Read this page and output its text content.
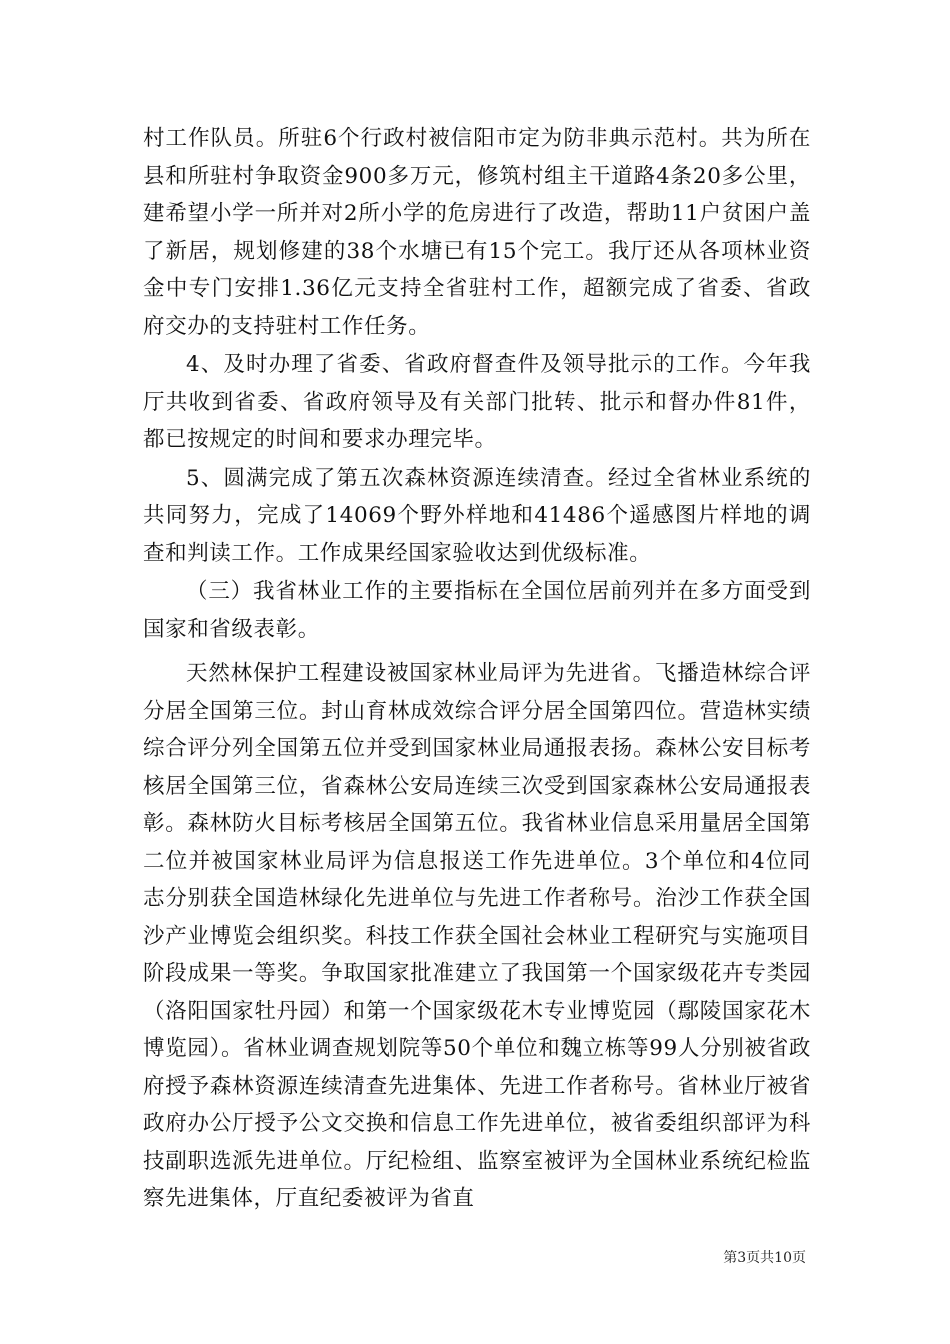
村工作队员。所驻6个行政村被信阳市定为防非典示范村。共为所在县和所驻村争取资金900多万元，修筑村组主干道路4条20多公里，建希望小学一所并对2所小学的危房进行了改造，帮助11户贫困户盖了新居，规划修建的38个水塘已有15个完工。我厅还从各项林业资金中专门安排1.36亿元支持全省驻村工作，超额完成了省委、省政府交办的支持驻村工作任务。

4、及时办理了省委、省政府督查件及领导批示的工作。今年我厅共收到省委、省政府领导及有关部门批转、批示和督办件81件，都已按规定的时间和要求办理完毕。

5、圆满完成了第五次森林资源连续清查。经过全省林业系统的共同努力，完成了14069个野外样地和41486个遥感图片样地的调查和判读工作。工作成果经国家验收达到优级标准。

（三）我省林业工作的主要指标在全国位居前列并在多方面受到国家和省级表彰。

天然林保护工程建设被国家林业局评为先进省。飞播造林综合评分居全国第三位。封山育林成效综合评分居全国第四位。营造林实绩综合评分列全国第五位并受到国家林业局通报表扬。森林公安目标考核居全国第三位，省森林公安局连续三次受到国家森林公安局通报表彰。森林防火目标考核居全国第五位。我省林业信息采用量居全国第二位并被国家林业局评为信息报送工作先进单位。3个单位和4位同志分别获全国造林绿化先进单位与先进工作者称号。治沙工作获全国沙产业博览会组织奖。科技工作获全国社会林业工程研究与实施项目阶段成果一等奖。争取国家批准建立了我国第一个国家级花卉专类园（洛阳国家牡丹园）和第一个国家级花木专业博览园（鄢陵国家花木博览园）。省林业调查规划院等50个单位和魏立栋等99人分别被省政府授予森林资源连续清查先进集体、先进工作者称号。省林业厅被省政府办公厅授予公文交换和信息工作先进单位，被省委组织部评为科技副职选派先进单位。厅纪检组、监察室被评为全国林业系统纪检监察先进集体，厅直纪委被评为省直

第3页共10页
